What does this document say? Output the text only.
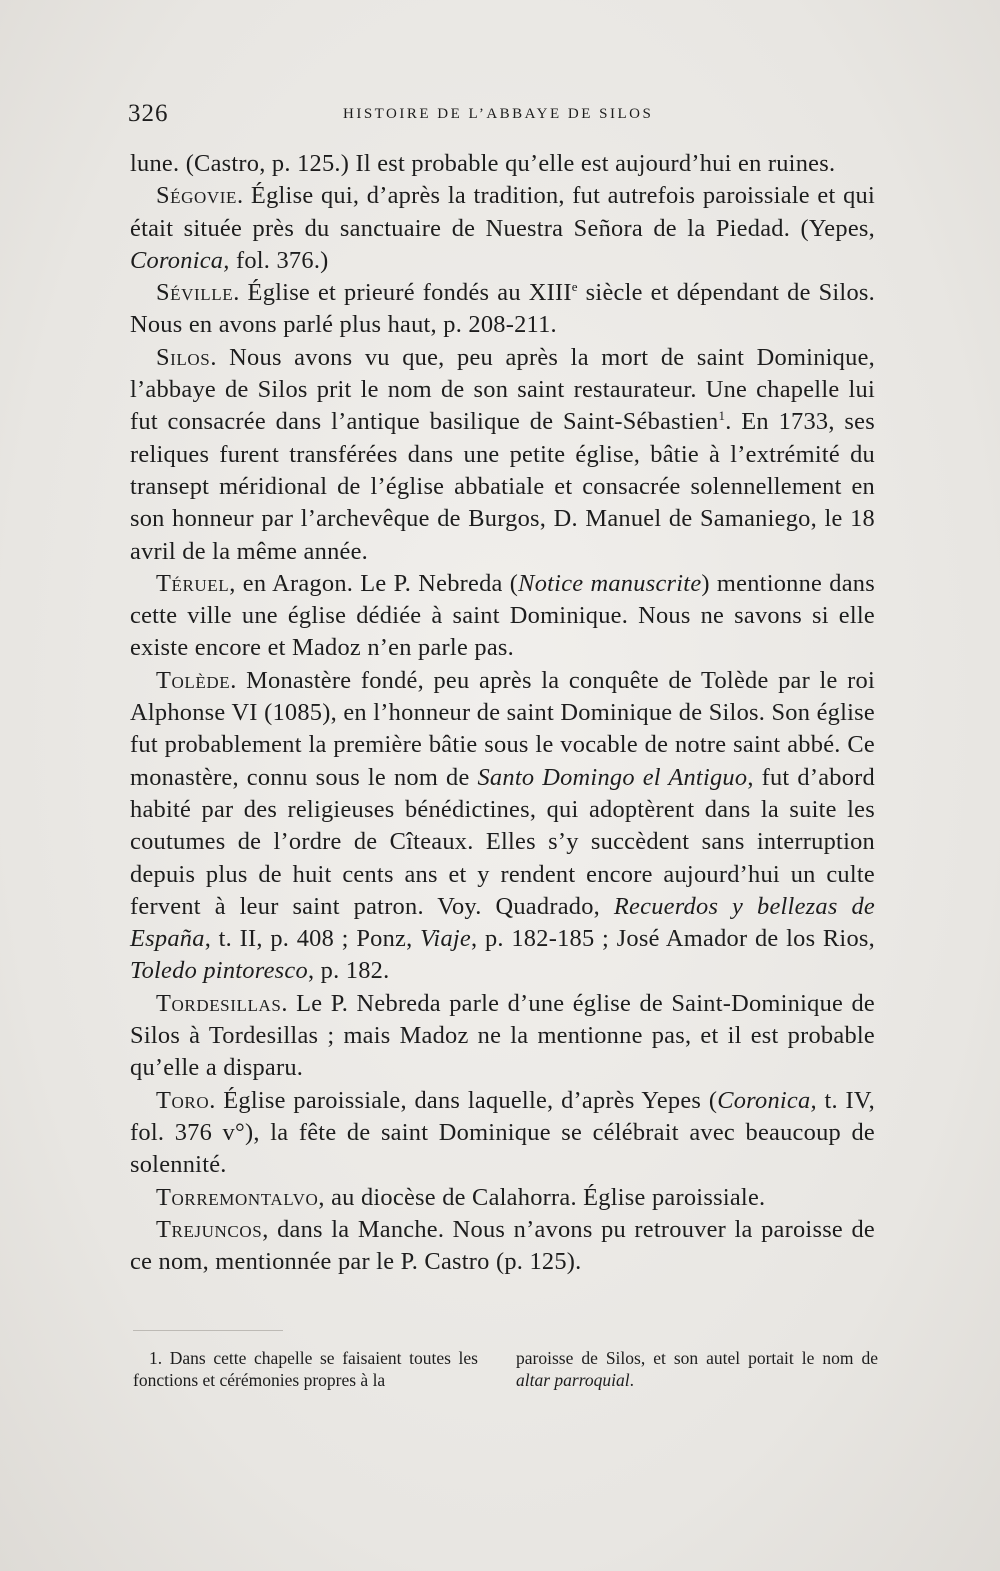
326	HISTOIRE DE L’ABBAYE DE SILOS

lune. (Castro, p. 125.) Il est probable qu’elle est aujourd’hui en ruines.

Ségovie. Église qui, d’après la tradition, fut autrefois paroissiale et qui était située près du sanctuaire de Nuestra Señora de la Piedad. (Yepes, Coronica, fol. 376.)

Séville. Église et prieuré fondés au XIIIe siècle et dépendant de Silos. Nous en avons parlé plus haut, p. 208-211.

Silos. Nous avons vu que, peu après la mort de saint Dominique, l’abbaye de Silos prit le nom de son saint restaurateur. Une chapelle lui fut consacrée dans l’antique basilique de Saint-Sébastien$^1$. En 1733, ses reliques furent transférées dans une petite église, bâtie à l’extrémité du transept méridional de l’église abbatiale et consacrée solennellement en son honneur par l’archevêque de Burgos, D. Manuel de Samaniego, le 18 avril de la même année.

Téruel, en Aragon. Le P. Nebreda (Notice manuscrite) mentionne dans cette ville une église dédiée à saint Dominique. Nous ne savons si elle existe encore et Madoz n’en parle pas.

Tolède. Monastère fondé, peu après la conquête de Tolède par le roi Alphonse VI (1085), en l’honneur de saint Dominique de Silos. Son église fut probablement la première bâtie sous le vocable de notre saint abbé. Ce monastère, connu sous le nom de Santo Domingo el Antiguo, fut d’abord habité par des religieuses bénédictines, qui adoptèrent dans la suite les coutumes de l’ordre de Cîteaux. Elles s’y succèdent sans interruption depuis plus de huit cents ans et y rendent encore aujourd’hui un culte fervent à leur saint patron. Voy. Quadrado, Recuerdos y bellezas de España, t. II, p. 408 ; Ponz, Viaje, p. 182-185 ; José Amador de los Rios, Toledo pintoresco, p. 182.

Tordesillas. Le P. Nebreda parle d’une église de Saint-Dominique de Silos à Tordesillas ; mais Madoz ne la mentionne pas, et il est probable qu’elle a disparu.

Toro. Église paroissiale, dans laquelle, d’après Yepes (Coronica, t. IV, fol. 376 v°), la fête de saint Dominique se célébrait avec beaucoup de solennité.

Torremontalvo, au diocèse de Calahorra. Église paroissiale.

Trejuncos, dans la Manche. Nous n’avons pu retrouver la paroisse de ce nom, mentionnée par le P. Castro (p. 125).

1. Dans cette chapelle se faisaient toutes les fonctions et cérémonies propres à la
paroisse de Silos, et son autel portait le nom de altar parroquial.
